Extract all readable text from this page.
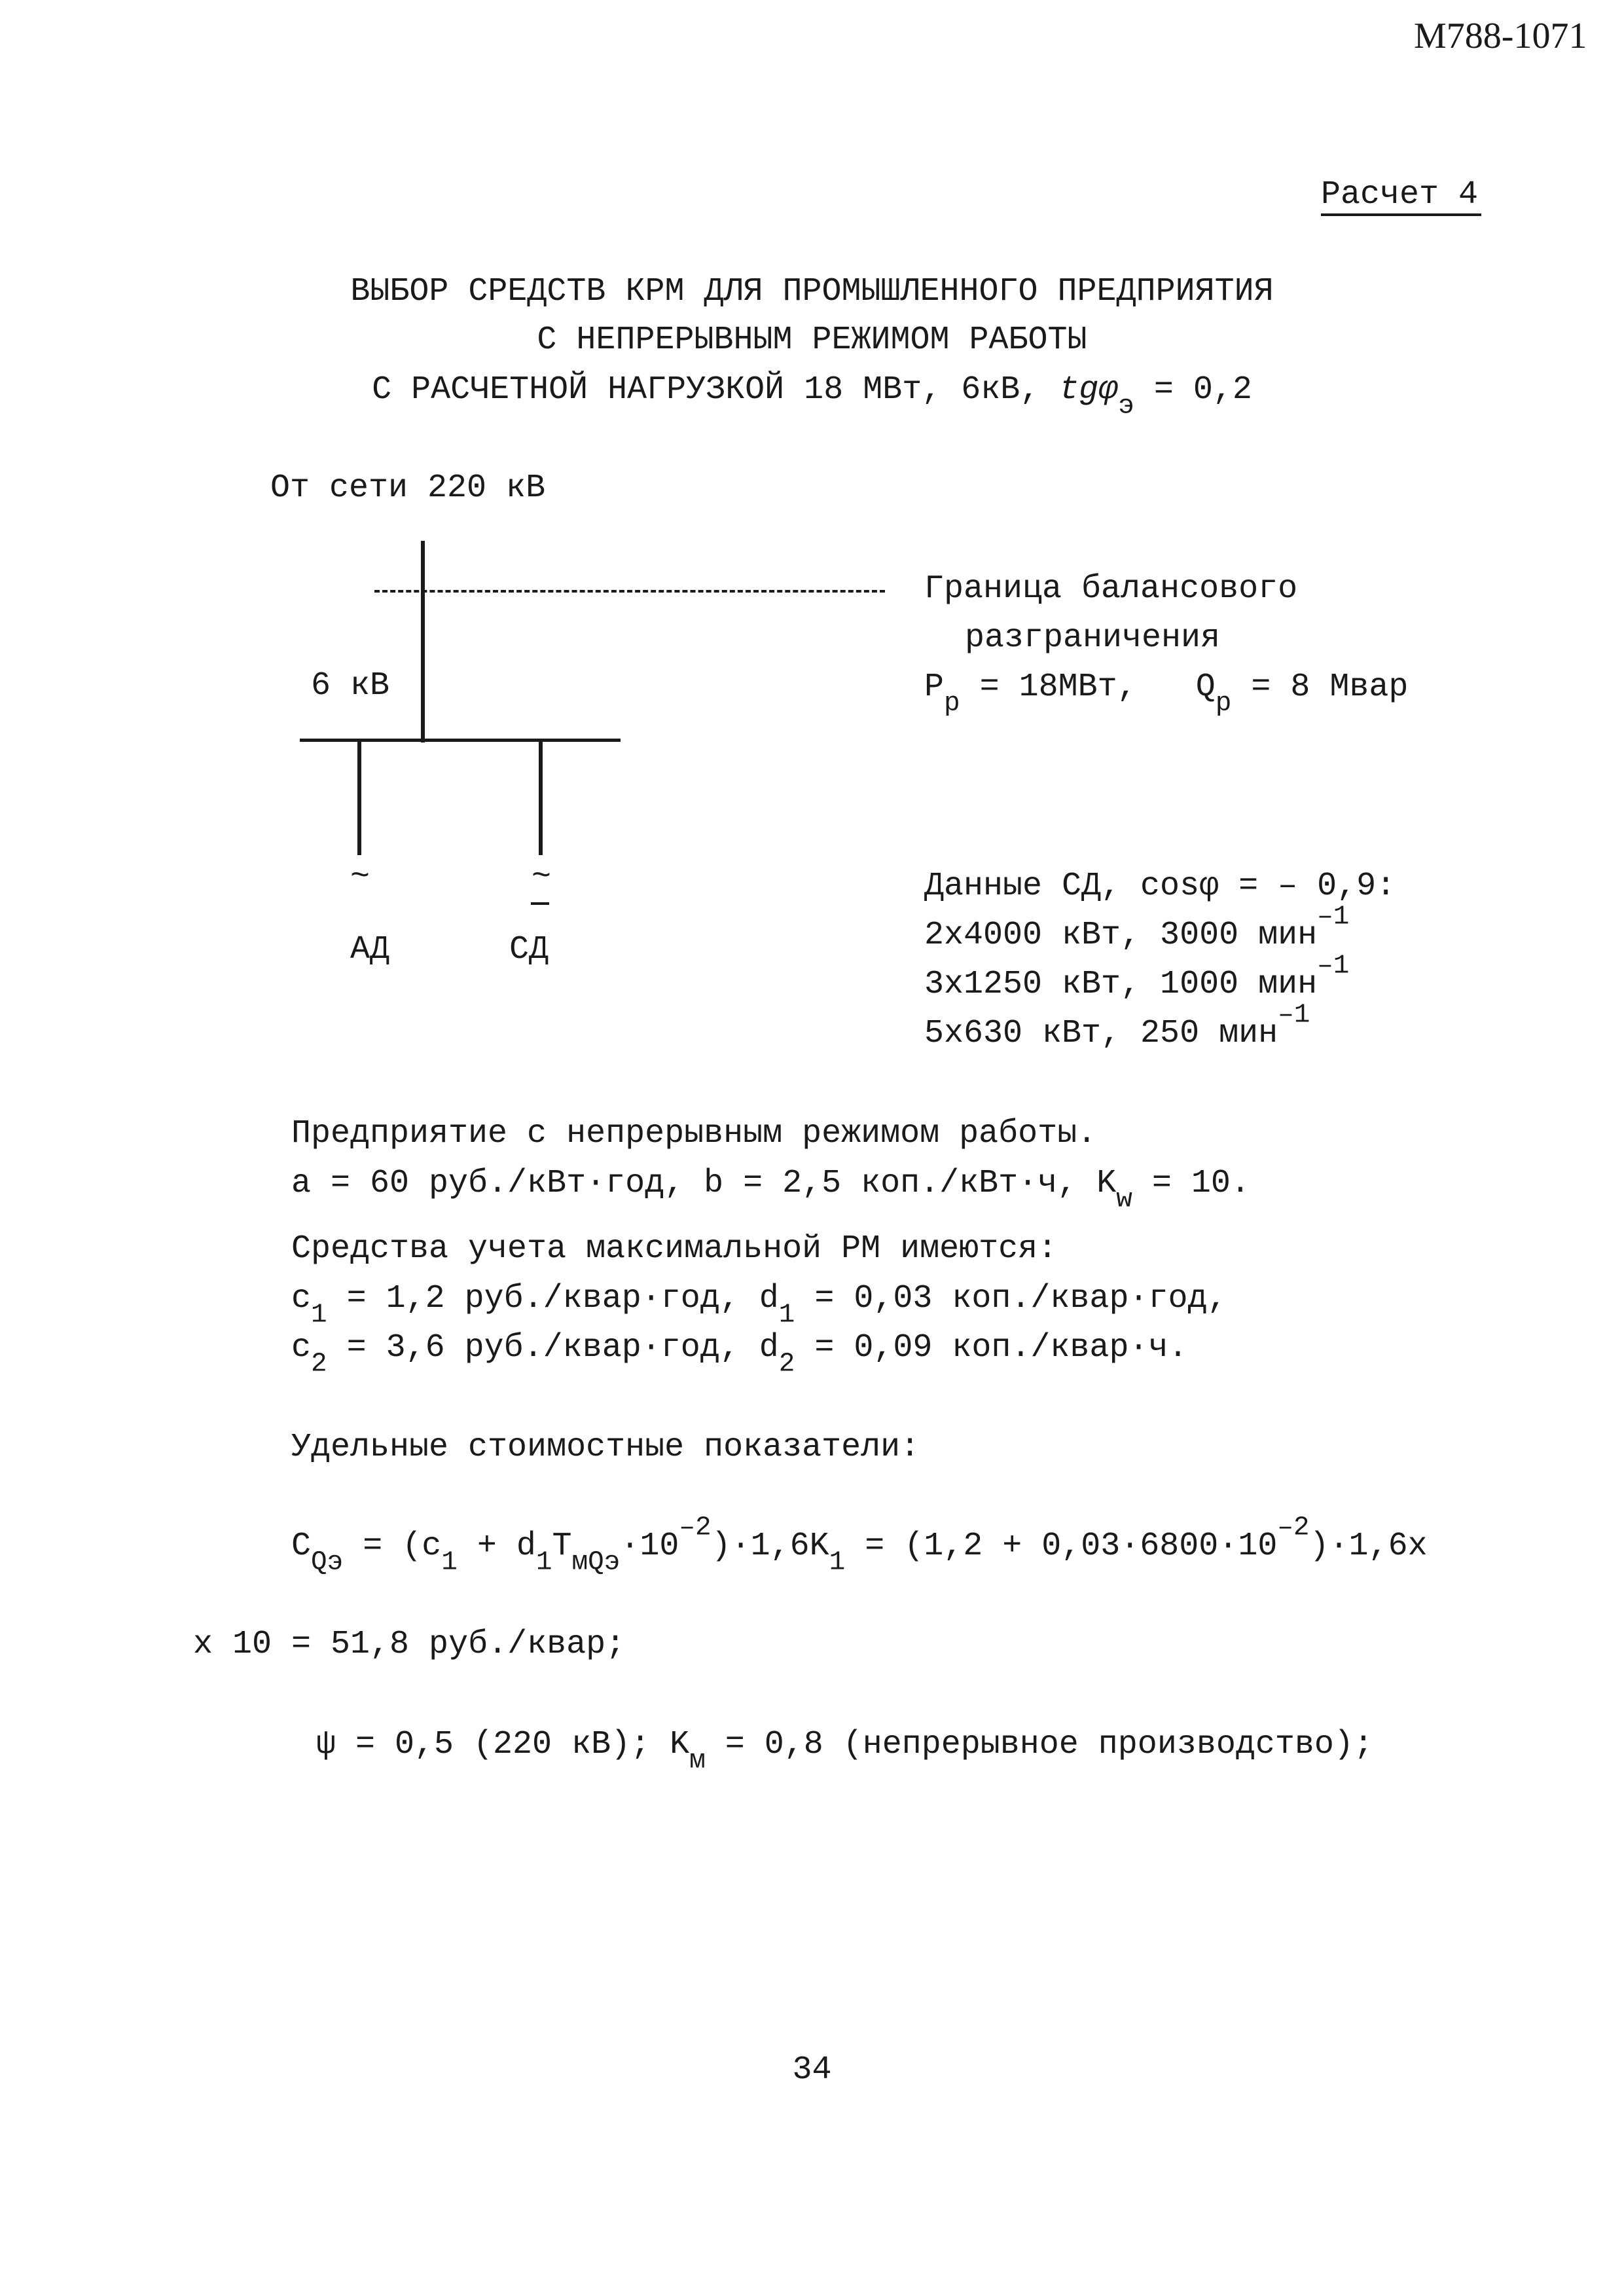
М788-1071
Расчет 4
ВЫБОР СРЕДСТВ КРМ ДЛЯ ПРОМЫШЛЕННОГО ПРЕДПРИЯТИЯ
С НЕПРЕРЫВНЫМ РЕЖИМОМ РАБОТЫ
С РАСЧЕТНОЙ НАГРУЗКОЙ 18 МВт, 6кВ, tgφ$_э$ = 0,2
От сети 220 кВ
6 кВ
~	~
АД	СД
Граница балансового
разграничения
$P_р = 18МВт$, $Q_р = 8$ Мвар
Данные СД, cosφ = – 0,9:
2x4000 кВт, 3000 мин$^{-1}$
3x1250 кВт, 1000 мин$^{-1}$
5x630 кВт, 250 мин$^{-1}$
Предприятие с непрерывным режимом работы.
a = 60 руб./кВт·год, b = 2,5 коп./кВт·ч, $K_w = 10$.
Средства учета максимальной РМ имеются:
$c_1 = 1,2$ руб./квар·год, $d_1 = 0,03$ коп./квар·год,
$c_2 = 3,6$ руб./квар·год, $d_2 = 0,09$ коп./квар·ч.
Удельные стоимостные показатели:
$C_{Qэ} = (c_1 + d_1T_{мQэ}\cdot 10^{-2})\cdot 1,6K_1 = (1,2 + 0,03\cdot 6800\cdot 10^{-2})\cdot 1,6x$
x 10 = 51,8 руб./квар;
ψ = 0,5 (220 кВ); $K_м = 0,8$ (непрерывное производство);
34
